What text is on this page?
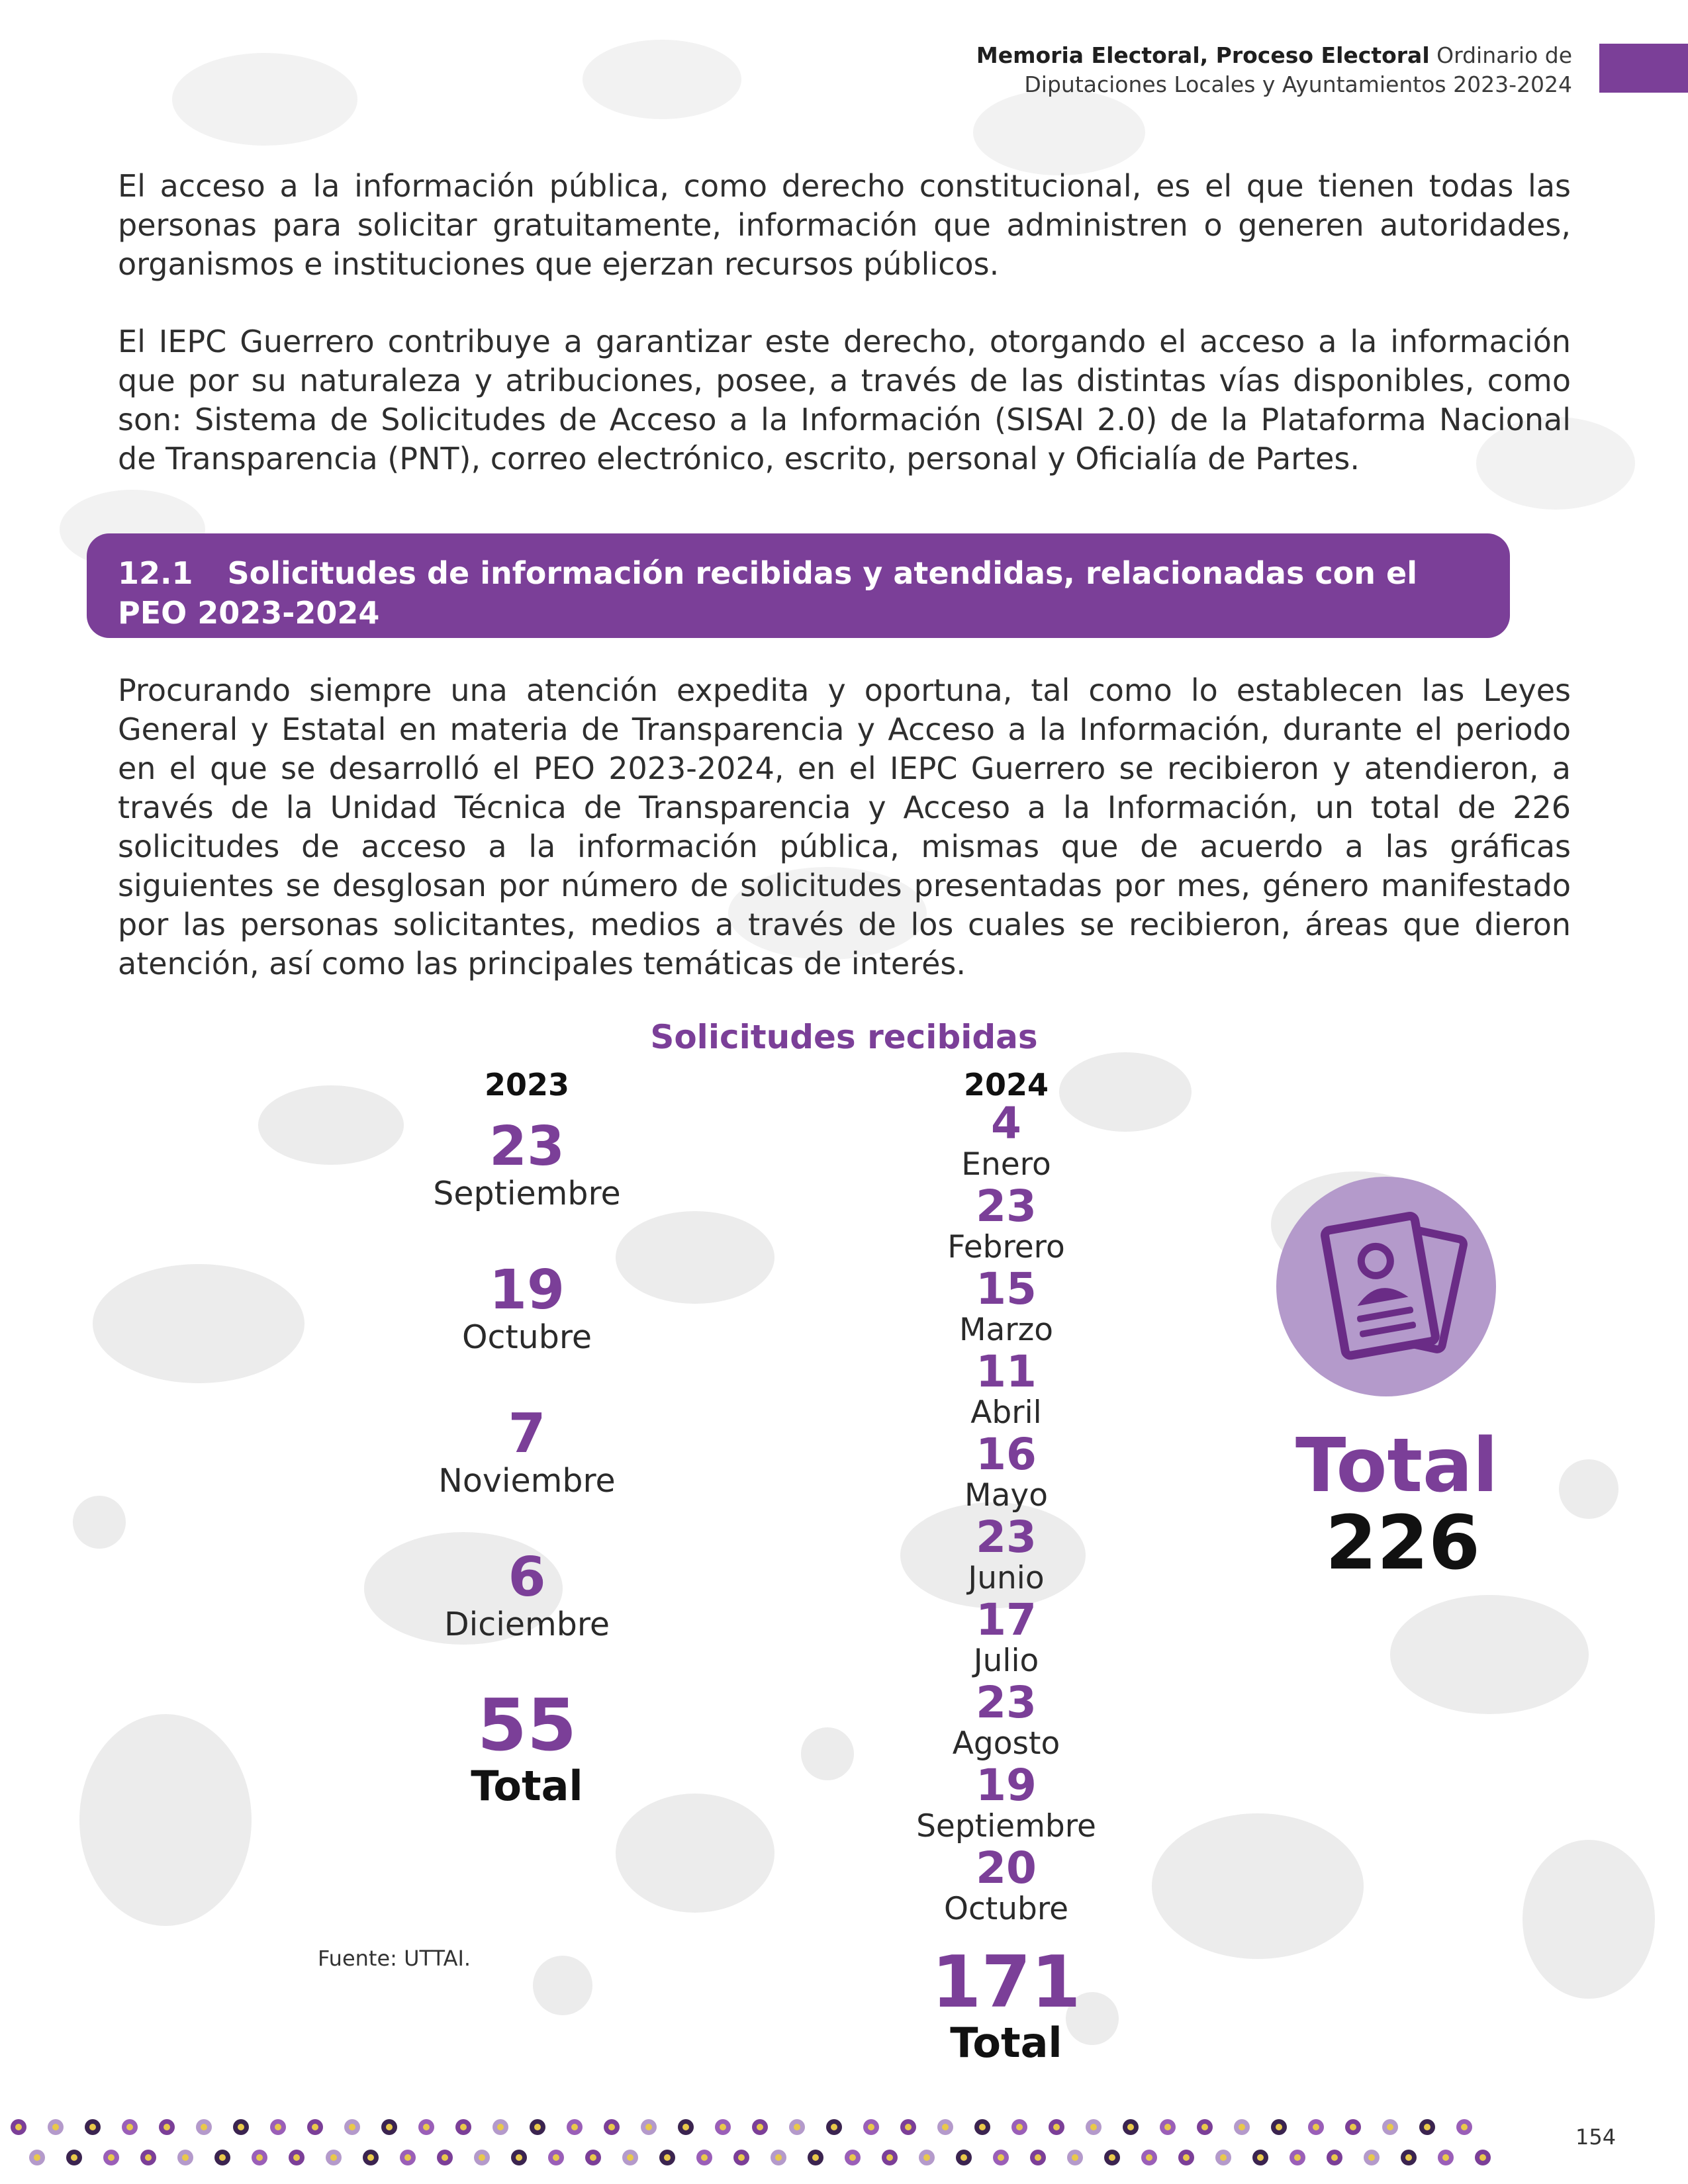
Memoria Electoral, Proceso Electoral Ordinario de
Diputaciones Locales y Ayuntamientos 2023-2024
El acceso a la información pública, como derecho constitucional, es el que tienen todas las personas para solicitar gratuitamente, información que administren o generen autoridades, organismos e instituciones que ejerzan recursos públicos.
El IEPC Guerrero contribuye a garantizar este derecho, otorgando el acceso a la información que por su naturaleza y atribuciones, posee, a través de las distintas vías disponibles, como son: Sistema de Solicitudes de Acceso a la Información (SISAI 2.0) de la Plataforma Nacional de Transparencia (PNT), correo electrónico, escrito, personal y Oficialía de Partes.
12.1 Solicitudes de información recibidas y atendidas, relacionadas con el PEO 2023-2024
Procurando siempre una atención expedita y oportuna, tal como lo establecen las Leyes General y Estatal en materia de Transparencia y Acceso a la Información, durante el periodo en el que se desarrolló el PEO 2023-2024, en el IEPC Guerrero se recibieron y atendieron, a través de la Unidad Técnica de Transparencia y Acceso a la Información, un total de 226 solicitudes de acceso a la información pública, mismas que de acuerdo a las gráficas siguientes se desglosan por número de solicitudes presentadas por mes, género manifestado por las personas solicitantes, medios a través de los cuales se recibieron, áreas que dieron atención, así como las principales temáticas de interés.
Solicitudes recibidas
2023	2024
23
Septiembre
19
Octubre
7
Noviembre
6
Diciembre
55
Total
4
Enero
23
Febrero
15
Marzo
11
Abril
16
Mayo
23
Junio
17
Julio
23
Agosto
19
Septiembre
20
Octubre
171
Total
Total
226
Fuente: UTTAI.
154
